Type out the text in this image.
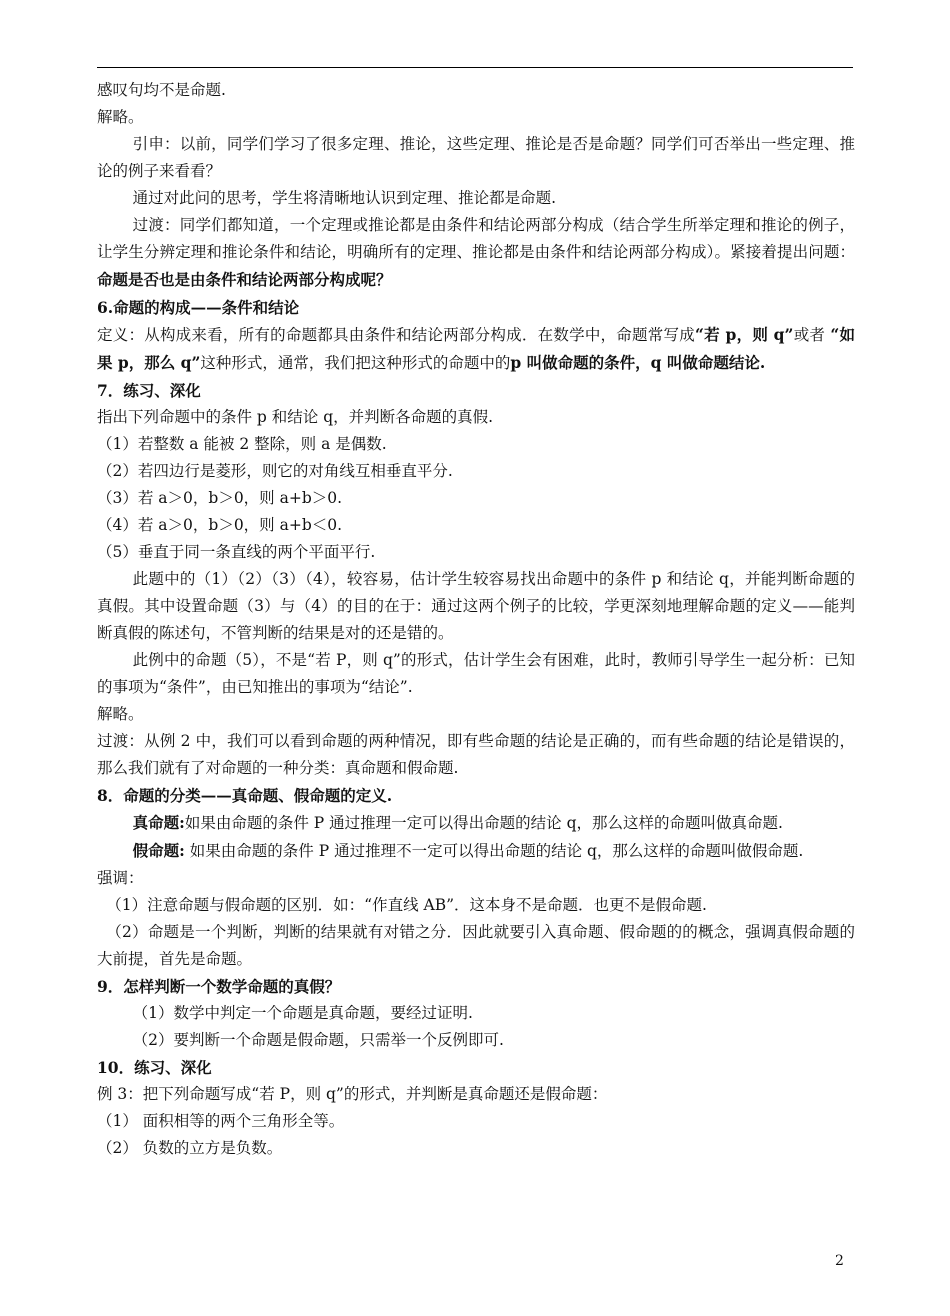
感叹句均不是命题.

解略。

引申：以前，同学们学习了很多定理、推论，这些定理、推论是否是命题？同学们可否举出一些定理、推论的例子来看看？

通过对此问的思考，学生将清晰地认识到定理、推论都是命题.

过渡：同学们都知道，一个定理或推论都是由条件和结论两部分构成（结合学生所举定理和推论的例子，让学生分辨定理和推论条件和结论，明确所有的定理、推论都是由条件和结论两部分构成）。紧接着提出问题：命题是否也是由条件和结论两部分构成呢？

6.命题的构成——条件和结论

定义：从构成来看，所有的命题都具由条件和结论两部分构成．在数学中，命题常写成“若 p，则 q”或者 “如果 p，那么 q”这种形式，通常，我们把这种形式的命题中的p 叫做命题的条件，q 叫做命题结论.

7．练习、深化

指出下列命题中的条件 p 和结论 q，并判断各命题的真假.

（1）若整数 a 能被 2 整除，则 a 是偶数.

（2）若四边行是菱形，则它的对角线互相垂直平分.

（3）若 a＞0，b＞0，则 a+b＞0.

（4）若 a＞0，b＞0，则 a+b＜0.

（5）垂直于同一条直线的两个平面平行.

此题中的（1）（2）（3）（4），较容易，估计学生较容易找出命题中的条件 p 和结论 q，并能判断命题的真假。其中设置命题（3）与（4）的目的在于：通过这两个例子的比较，学更深刻地理解命题的定义——能判断真假的陈述句，不管判断的结果是对的还是错的。

此例中的命题（5），不是“若 P，则 q”的形式，估计学生会有困难，此时，教师引导学生一起分析：已知的事项为“条件”，由已知推出的事项为“结论”.

解略。

过渡：从例 2 中，我们可以看到命题的两种情况，即有些命题的结论是正确的，而有些命题的结论是错误的，那么我们就有了对命题的一种分类：真命题和假命题.

8．命题的分类——真命题、假命题的定义.

真命题:如果由命题的条件 P 通过推理一定可以得出命题的结论 q，那么这样的命题叫做真命题.

假命题: 如果由命题的条件 P 通过推理不一定可以得出命题的结论 q，那么这样的命题叫做假命题.

强调：

（1）注意命题与假命题的区别．如：“作直线 AB”．这本身不是命题．也更不是假命题.

（2）命题是一个判断，判断的结果就有对错之分．因此就要引入真命题、假命题的的概念，强调真假命题的大前提，首先是命题。

9．怎样判断一个数学命题的真假？

（1）数学中判定一个命题是真命题，要经过证明.

（2）要判断一个命题是假命题，只需举一个反例即可.

10．练习、深化

例 3：把下列命题写成“若 P，则 q”的形式，并判断是真命题还是假命题：

（1） 面积相等的两个三角形全等。

（2） 负数的立方是负数。

2
